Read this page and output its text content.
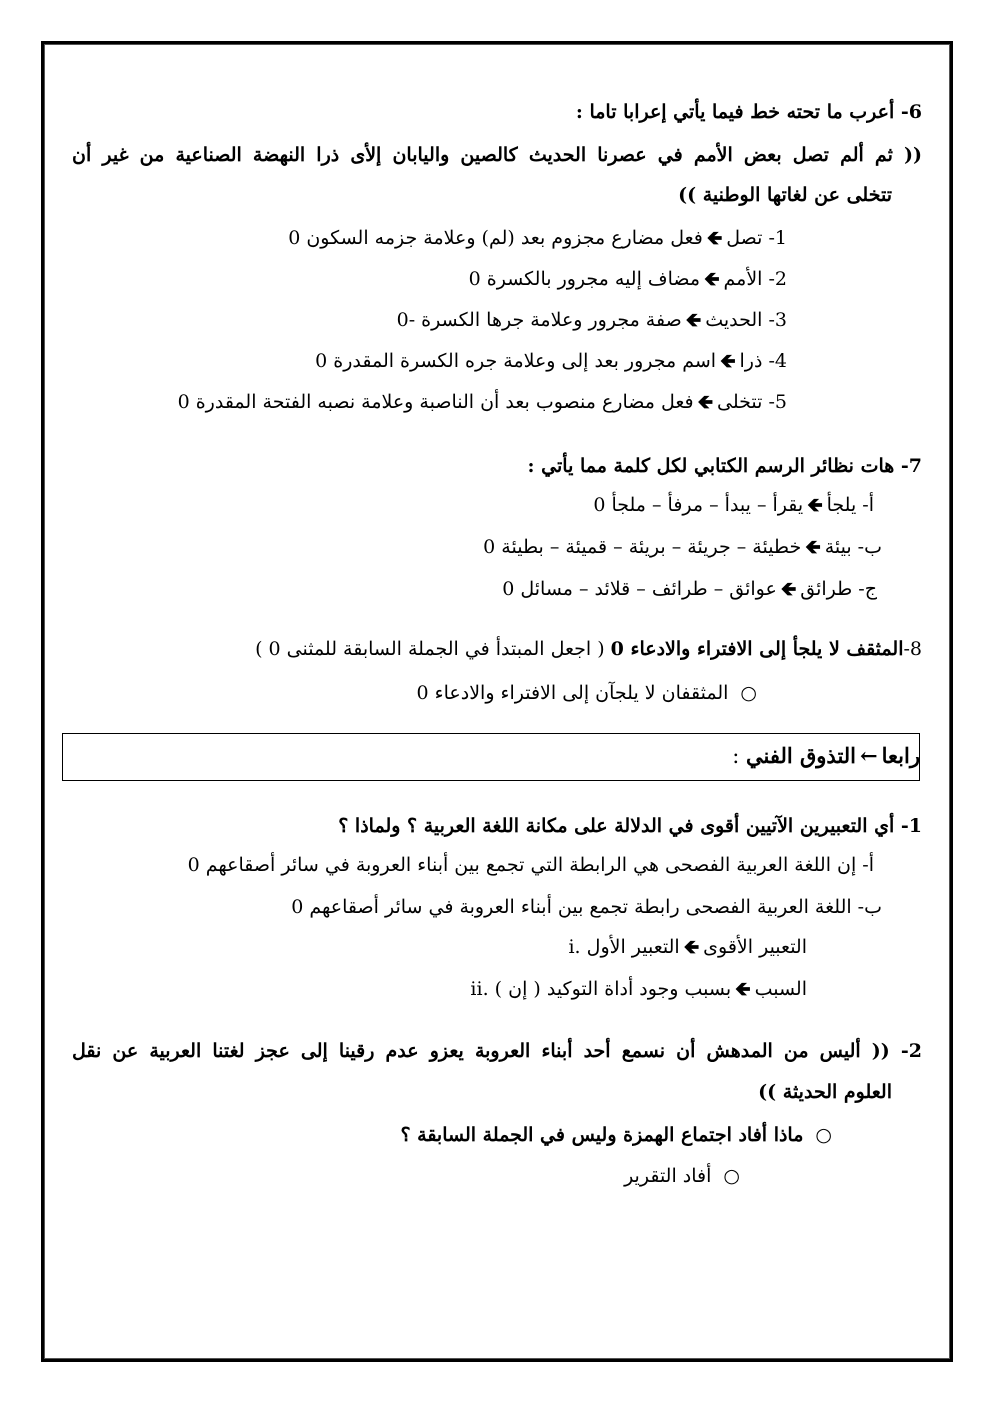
6- أعرب ما تحته خط فيما يأتي إعرابا تاما :
(( ثم ألم تصل بعض الأمم في عصرنا الحديث كالصين واليابان إلأى ذرا النهضة الصناعية من غير أن
تتخلى عن لغاتها الوطنية ))
1- تصل🡸فعل مضارع مجزوم بعد (لم) وعلامة جزمه السكون 0
2- الأمم🡸مضاف إليه مجرور بالكسرة 0
3- الحديث🡸صفة مجرور وعلامة جرها الكسرة -0
4- ذرا🡸اسم مجرور بعد إلى وعلامة جره الكسرة المقدرة 0
5- تتخلى🡸فعل مضارع منصوب بعد أن الناصبة وعلامة نصبه الفتحة المقدرة 0
7- هات نظائر الرسم الكتابي لكل كلمة مما يأتي :
أ- يلجأ🡸يقرأ – يبدأ – مرفأ – ملجأ 0
ب- بيئة🡸خطيئة – جريئة – بريئة – قميئة – بطيئة 0
ج- طرائق🡸عوائق – طرائف – قلائد – مسائل 0
8-المثقف لا يلجأ إلى الافتراء والادعاء 0 ( اجعل المبتدأ في الجملة السابقة للمثنى 0 )
○المثقفان لا يلجآن إلى الافتراء والادعاء 0
رابعا←التذوق الفني :
1- أي التعبيرين الآتيين أقوى في الدلالة على مكانة اللغة العربية ؟ ولماذا ؟
أ- إن اللغة العربية الفصحى هي الرابطة التي تجمع بين أبناء العروبة في سائر أصقاعهم 0
ب- اللغة العربية الفصحى رابطة تجمع بين أبناء العروبة في سائر أصقاعهم 0
i.	التعبير الأقوى🡸التعبير الأول
ii.	السبب🡸بسبب وجود أداة التوكيد ( إن )
2- (( أليس من المدهش أن نسمع أحد أبناء العروبة يعزو عدم رقينا إلى عجز لغتنا العربية عن نقل
العلوم الحديثة ))
○ماذا أفاد اجتماع الهمزة وليس في الجملة السابقة ؟
○أفاد التقرير
